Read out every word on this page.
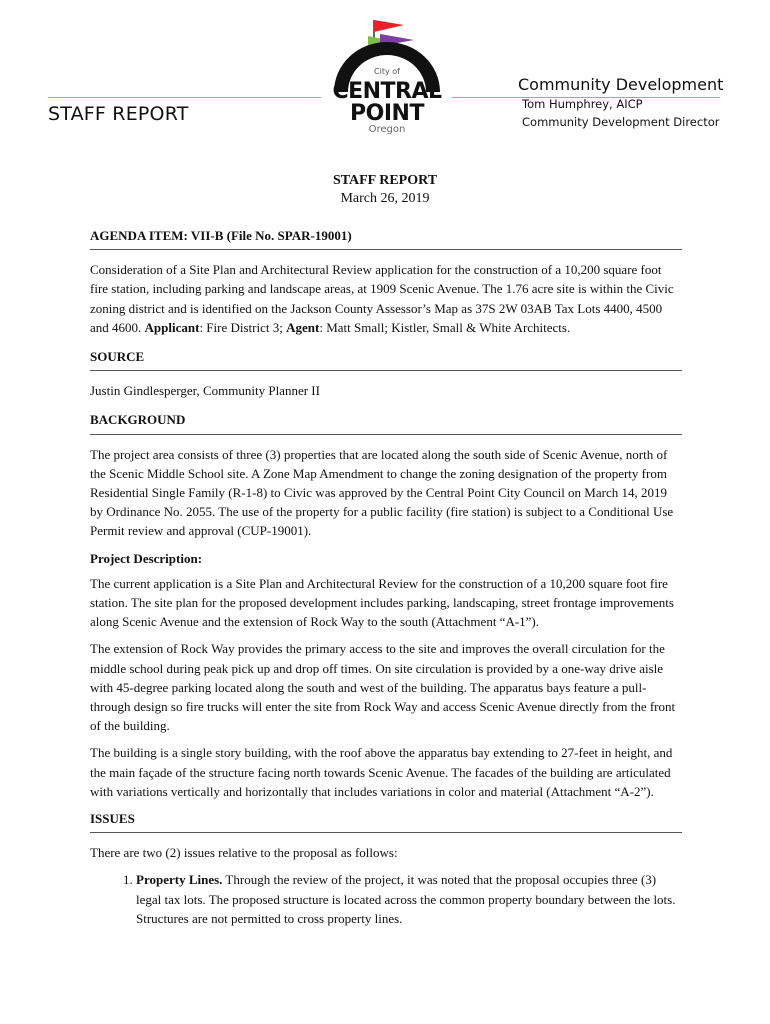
STAFF REPORT
Community Development
Tom Humphrey, AICP
Community Development Director
City of
CENTRAL
POINT
Oregon
STAFF REPORT
March 26, 2019
AGENDA ITEM: VII-B (File No. SPAR-19001)

Consideration of a Site Plan and Architectural Review application for the construction of a 10,200 square foot fire station, including parking and landscape areas, at 1909 Scenic Avenue. The 1.76 acre site is within the Civic zoning district and is identified on the Jackson County Assessor’s Map as 37S 2W 03AB Tax Lots 4400, 4500 and 4600. Applicant: Fire District 3; Agent: Matt Small; Kistler, Small & White Architects.

SOURCE

Justin Gindlesperger, Community Planner II

BACKGROUND

The project area consists of three (3) properties that are located along the south side of Scenic Avenue, north of the Scenic Middle School site. A Zone Map Amendment to change the zoning designation of the property from Residential Single Family (R-1-8) to Civic was approved by the Central Point City Council on March 14, 2019 by Ordinance No. 2055. The use of the property for a public facility (fire station) is subject to a Conditional Use Permit review and approval (CUP-19001).

Project Description:

The current application is a Site Plan and Architectural Review for the construction of a 10,200 square foot fire station. The site plan for the proposed development includes parking, landscaping, street frontage improvements along Scenic Avenue and the extension of Rock Way to the south (Attachment “A-1”).

The extension of Rock Way provides the primary access to the site and improves the overall circulation for the middle school during peak pick up and drop off times. On site circulation is provided by a one-way drive aisle with 45-degree parking located along the south and west of the building. The apparatus bays feature a pull-through design so fire trucks will enter the site from Rock Way and access Scenic Avenue directly from the front of the building.

The building is a single story building, with the roof above the apparatus bay extending to 27-feet in height, and the main façade of the structure facing north towards Scenic Avenue. The facades of the building are articulated with variations vertically and horizontally that includes variations in color and material (Attachment “A-2”).

ISSUES

There are two (2) issues relative to the proposal as follows:

1. Property Lines. Through the review of the project, it was noted that the proposal occupies three (3) legal tax lots. The proposed structure is located across the common property boundary between the lots. Structures are not permitted to cross property lines.
